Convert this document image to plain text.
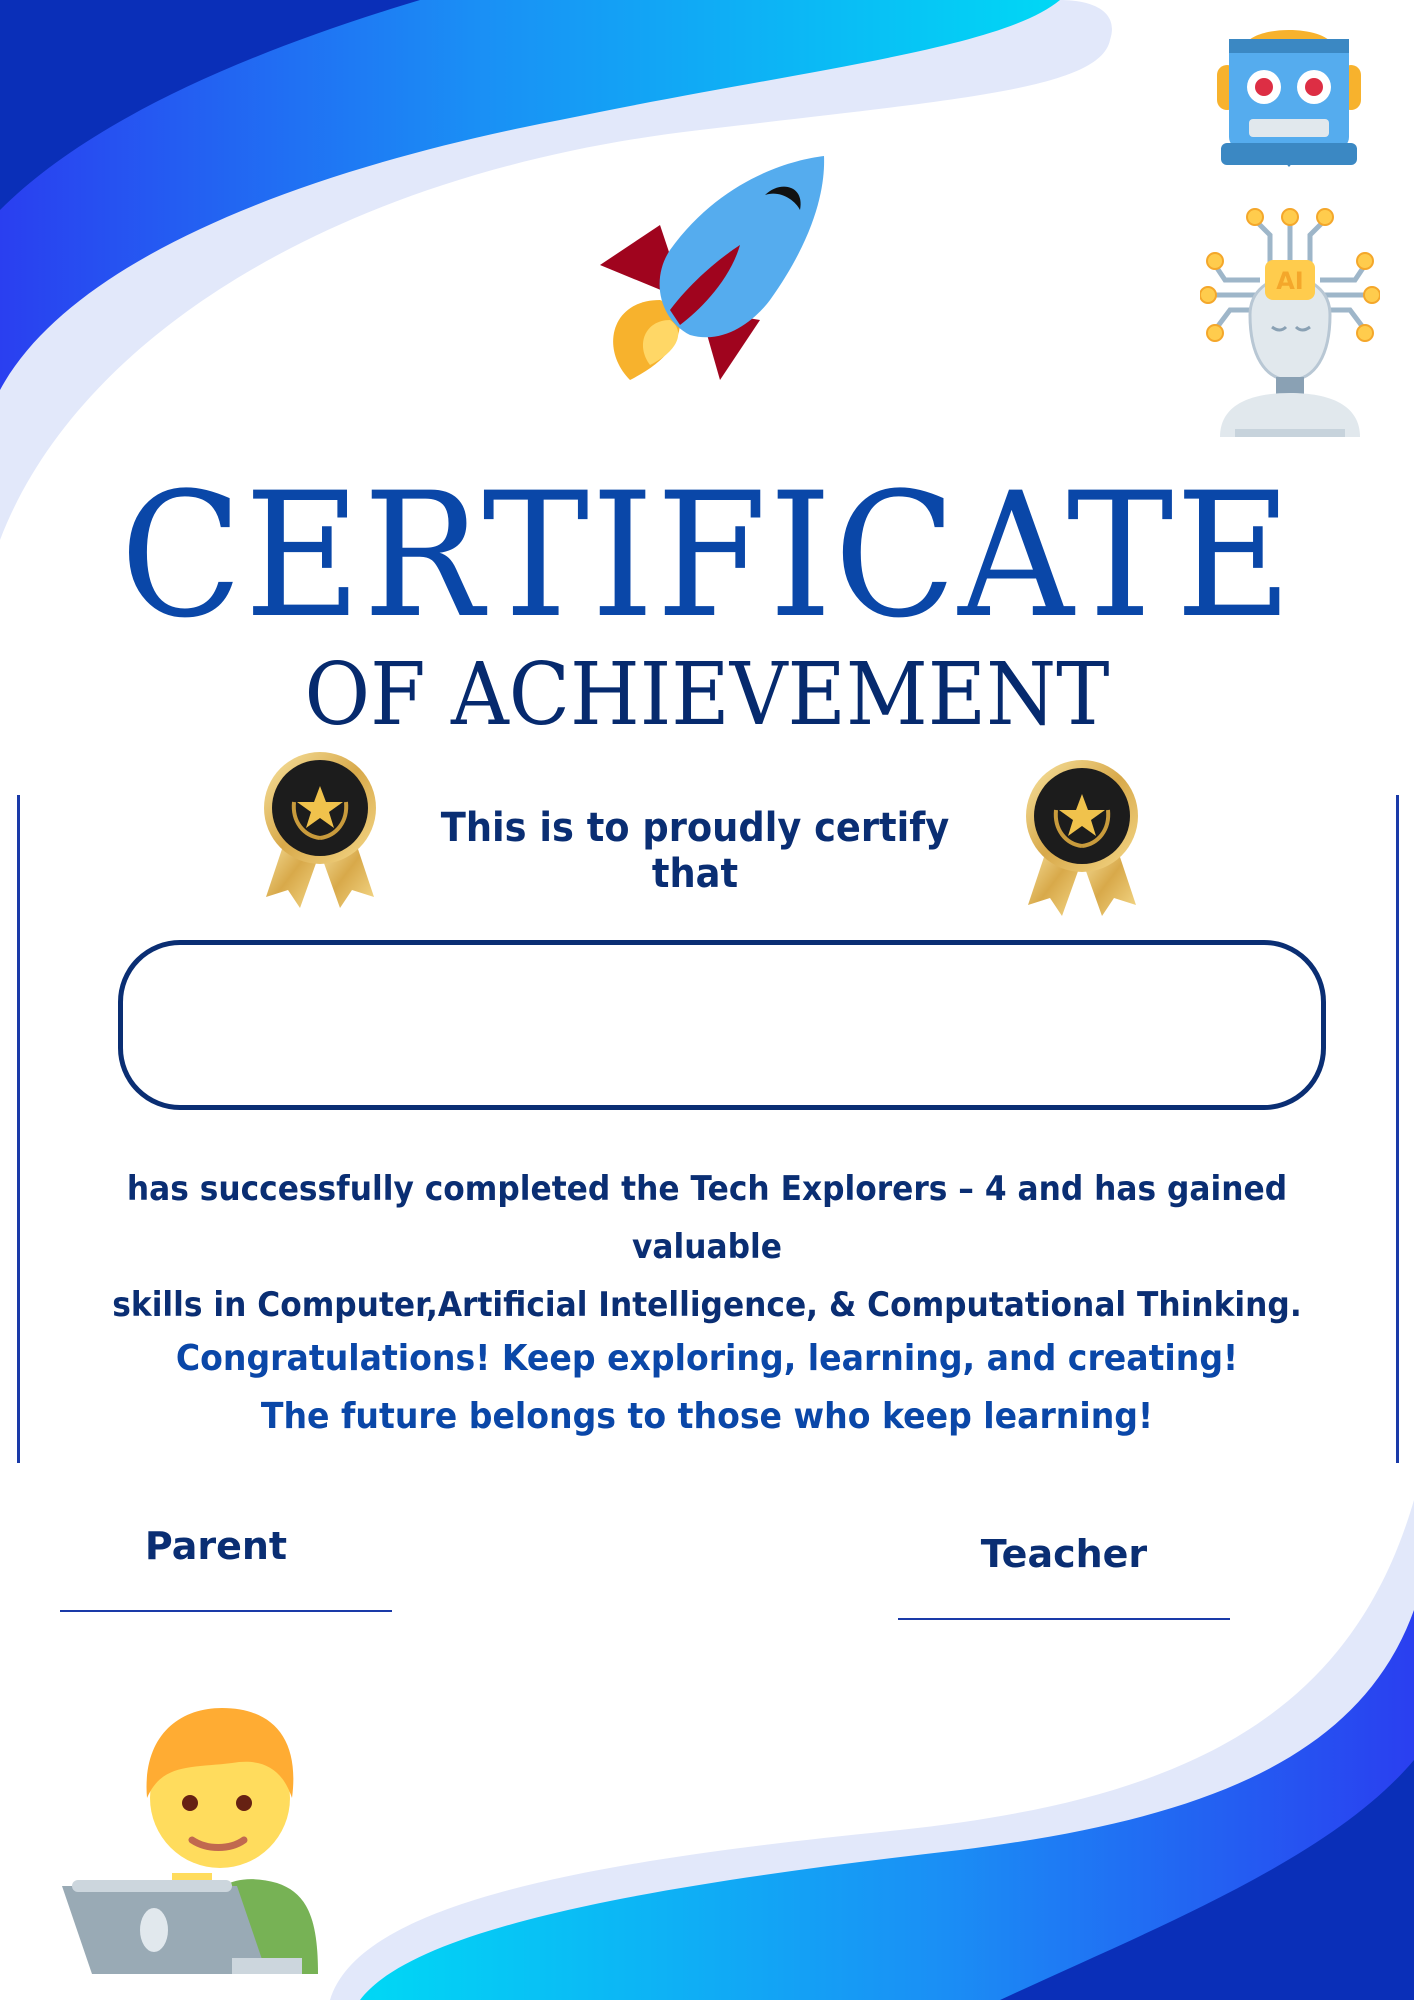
AI
CERTIFICATE
OF ACHIEVEMENT
This is to proudly certify that
has successfully completed the Tech Explorers – 4 and has gained valuable
skills in Computer,Artificial Intelligence, & Computational Thinking.
Congratulations! Keep exploring, learning, and creating!
The future belongs to those who keep learning!
Parent	Teacher
